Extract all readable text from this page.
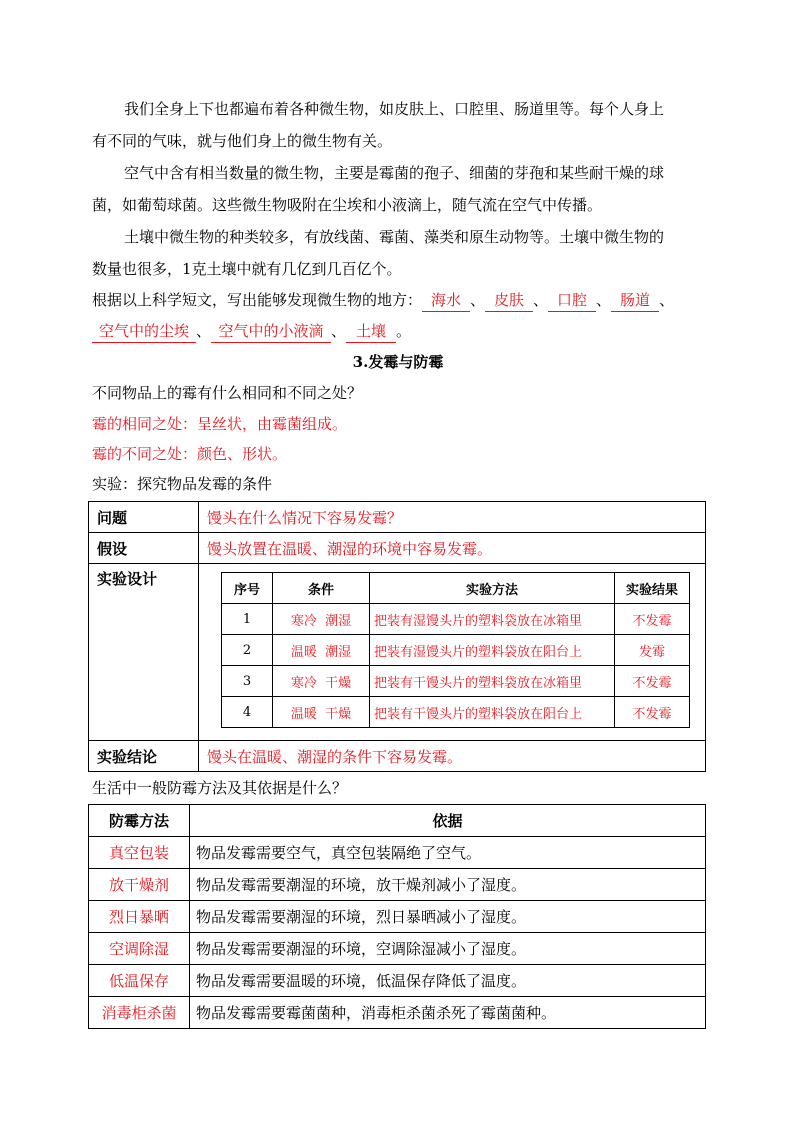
我们全身上下也都遍布着各种微生物，如皮肤上、口腔里、肠道里等。每个人身上
有不同的气味，就与他们身上的微生物有关。
空气中含有相当数量的微生物，主要是霉菌的孢子、细菌的芽孢和某些耐干燥的球
菌，如葡萄球菌。这些微生物吸附在尘埃和小液滴上，随气流在空气中传播。
土壤中微生物的种类较多，有放线菌、霉菌、藻类和原生动物等。土壤中微生物的
数量也很多，1克土壤中就有几亿到几百亿个。
根据以上科学短文，写出能够发现微生物的地方： 海水 、 皮肤 、 口腔 、 肠道 、
空气中的尘埃 、 空气中的小液滴 、 土壤 。
3.发霉与防霉
不同物品上的霉有什么相同和不同之处？
霉的相同之处：呈丝状，由霉菌组成。
霉的不同之处：颜色、形状。
实验：探究物品发霉的条件
问题	馒头在什么情况下容易发霉？
假设	馒头放置在温暖、潮湿的环境中容易发霉。
实验设计	
序号	条件	实验方法	实验结果
1	寒冷  潮湿	把装有湿馒头片的塑料袋放在冰箱里	不发霉
2	温暖  潮湿	把装有湿馒头片的塑料袋放在阳台上	发霉
3	寒冷  干燥	把装有干馒头片的塑料袋放在冰箱里	不发霉
4	温暖  干燥	把装有干馒头片的塑料袋放在阳台上	不发霉

实验结论	馒头在温暖、潮湿的条件下容易发霉。
生活中一般防霉方法及其依据是什么？
防霉方法	依据
真空包装	物品发霉需要空气，真空包装隔绝了空气。
放干燥剂	物品发霉需要潮湿的环境，放干燥剂减小了湿度。
烈日暴晒	物品发霉需要潮湿的环境，烈日暴晒减小了湿度。
空调除湿	物品发霉需要潮湿的环境，空调除湿减小了湿度。
低温保存	物品发霉需要温暖的环境，低温保存降低了温度。
消毒柜杀菌	物品发霉需要霉菌菌种，消毒柜杀菌杀死了霉菌菌种。
